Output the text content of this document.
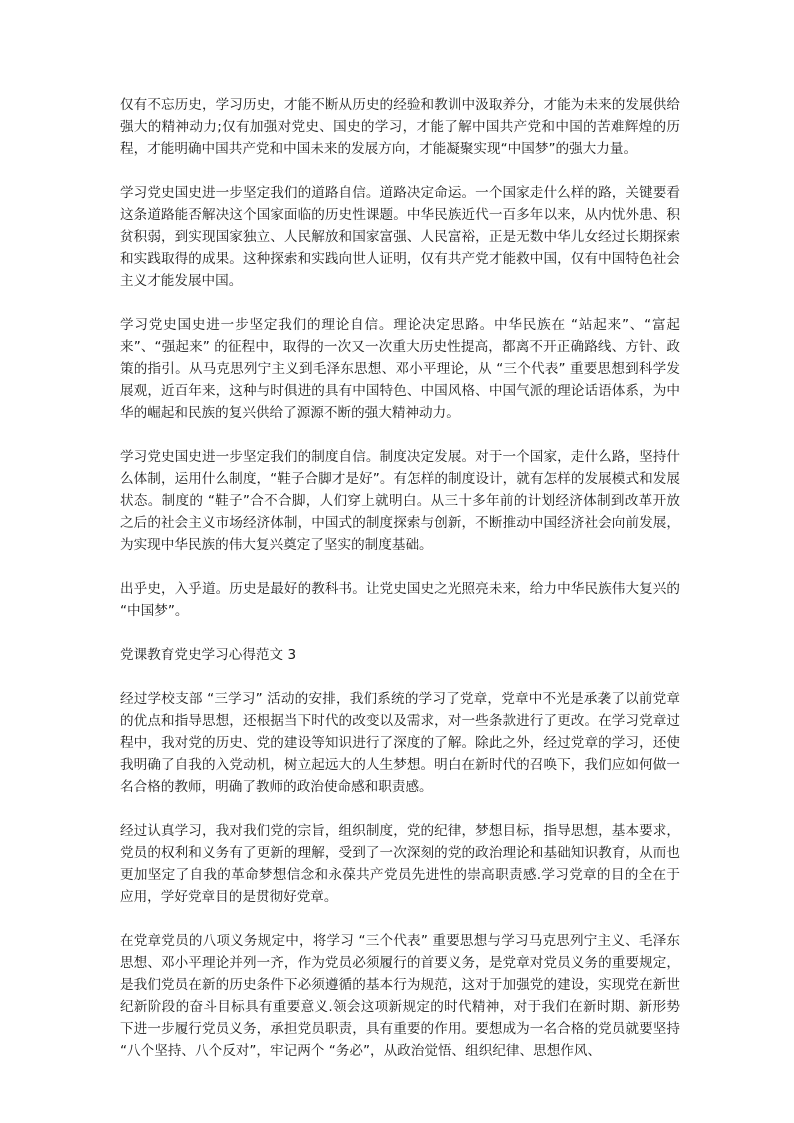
仅有不忘历史，学习历史，才能不断从历史的经验和教训中汲取养分，才能为未来的发展供给强大的精神动力;仅有加强对党史、国史的学习，才能了解中国共产党和中国的苦难辉煌的历程，才能明确中国共产党和中国未来的发展方向，才能凝聚实现“中国梦”的强大力量。

学习党史国史进一步坚定我们的道路自信。道路决定命运。一个国家走什么样的路，关键要看这条道路能否解决这个国家面临的历史性课题。中华民族近代一百多年以来，从内忧外患、积贫积弱，到实现国家独立、人民解放和国家富强、人民富裕，正是无数中华儿女经过长期探索和实践取得的成果。这种探索和实践向世人证明，仅有共产党才能救中国，仅有中国特色社会主义才能发展中国。

学习党史国史进一步坚定我们的理论自信。理论决定思路。中华民族在 “站起来”、“富起来”、“强起来” 的征程中，取得的一次又一次重大历史性提高，都离不开正确路线、方针、政策的指引。从马克思列宁主义到毛泽东思想、邓小平理论，从 “三个代表” 重要思想到科学发展观，近百年来，这种与时俱进的具有中国特色、中国风格、中国气派的理论话语体系，为中华的崛起和民族的复兴供给了源源不断的强大精神动力。

学习党史国史进一步坚定我们的制度自信。制度决定发展。对于一个国家，走什么路，坚持什么体制，运用什么制度，“鞋子合脚才是好”。有怎样的制度设计，就有怎样的发展模式和发展状态。制度的 “鞋子”合不合脚，人们穿上就明白。从三十多年前的计划经济体制到改革开放之后的社会主义市场经济体制，中国式的制度探索与创新，不断推动中国经济社会向前发展，为实现中华民族的伟大复兴奠定了坚实的制度基础。

出乎史，入乎道。历史是最好的教科书。让党史国史之光照亮未来，给力中华民族伟大复兴的 “中国梦”。

党课教育党史学习心得范文 3

经过学校支部 “三学习” 活动的安排，我们系统的学习了党章，党章中不光是承袭了以前党章的优点和指导思想，还根据当下时代的改变以及需求，对一些条款进行了更改。在学习党章过程中，我对党的历史、党的建设等知识进行了深度的了解。除此之外，经过党章的学习，还使我明确了自我的入党动机，树立起远大的人生梦想。明白在新时代的召唤下，我们应如何做一名合格的教师，明确了教师的政治使命感和职责感。

经过认真学习，我对我们党的宗旨，组织制度，党的纪律，梦想目标，指导思想，基本要求，党员的权利和义务有了更新的理解，受到了一次深刻的党的政治理论和基础知识教育，从而也更加坚定了自我的革命梦想信念和永葆共产党员先进性的崇高职责感.学习党章的目的全在于应用，学好党章目的是贯彻好党章。

在党章党员的八项义务规定中，将学习 “三个代表” 重要思想与学习马克思列宁主义、毛泽东思想、邓小平理论并列一齐，作为党员必须履行的首要义务，是党章对党员义务的重要规定，是我们党员在新的历史条件下必须遵循的基本行为规范，这对于加强党的建设，实现党在新世纪新阶段的奋斗目标具有重要意义.领会这项新规定的时代精神，对于我们在新时期、新形势下进一步履行党员义务，承担党员职责，具有重要的作用。要想成为一名合格的党员就要坚持 “八个坚持、八个反对”，牢记两个 “务必”，从政治觉悟、组织纪律、思想作风、
